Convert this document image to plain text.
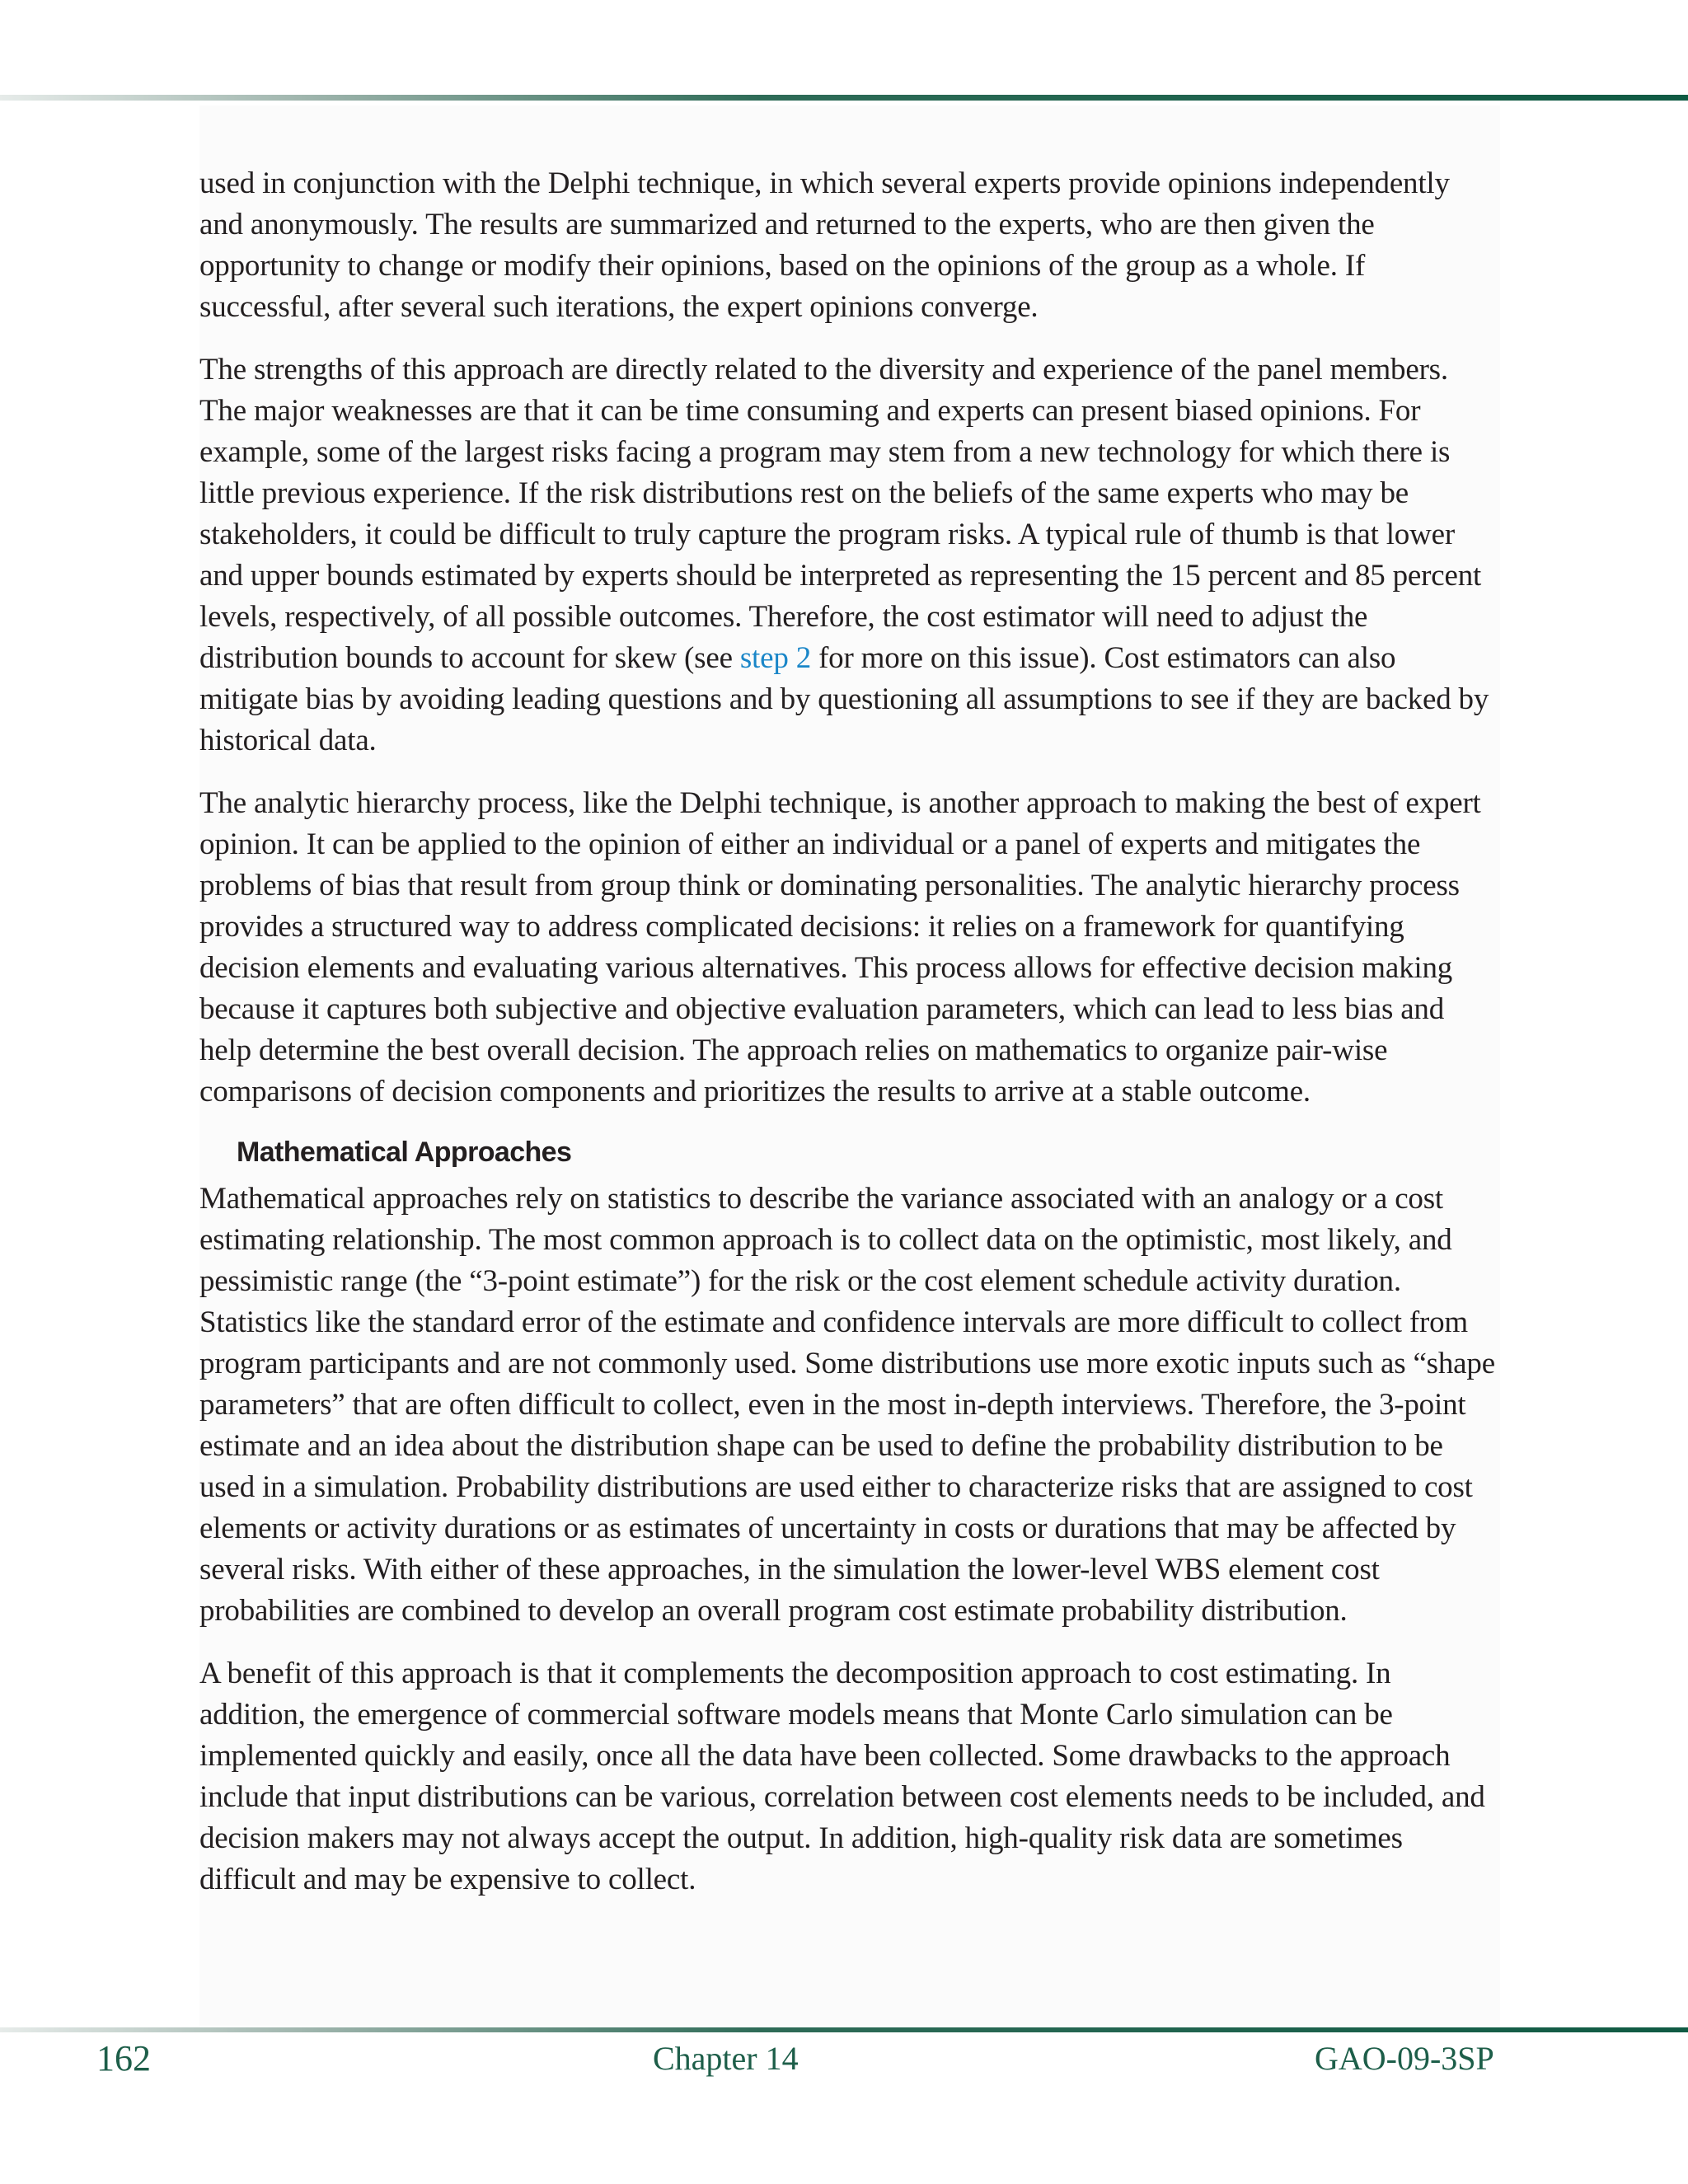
used in conjunction with the Delphi technique, in which several experts provide opinions independently and anonymously. The results are summarized and returned to the experts, who are then given the opportunity to change or modify their opinions, based on the opinions of the group as a whole. If successful, after several such iterations, the expert opinions converge.

The strengths of this approach are directly related to the diversity and experience of the panel members. The major weaknesses are that it can be time consuming and experts can present biased opinions. For example, some of the largest risks facing a program may stem from a new technology for which there is little previous experience. If the risk distributions rest on the beliefs of the same experts who may be stakeholders, it could be difficult to truly capture the program risks. A typical rule of thumb is that lower and upper bounds estimated by experts should be interpreted as representing the 15 percent and 85 percent levels, respectively, of all possible outcomes. Therefore, the cost estimator will need to adjust the distribution bounds to account for skew (see step 2 for more on this issue). Cost estimators can also mitigate bias by avoiding leading questions and by questioning all assumptions to see if they are backed by historical data.

The analytic hierarchy process, like the Delphi technique, is another approach to making the best of expert opinion. It can be applied to the opinion of either an individual or a panel of experts and mitigates the problems of bias that result from group think or dominating personalities. The analytic hierarchy process provides a structured way to address complicated decisions: it relies on a framework for quantifying decision elements and evaluating various alternatives. This process allows for effective decision making because it captures both subjective and objective evaluation parameters, which can lead to less bias and help determine the best overall decision. The approach relies on mathematics to organize pair-wise comparisons of decision components and prioritizes the results to arrive at a stable outcome.

Mathematical Approaches

Mathematical approaches rely on statistics to describe the variance associated with an analogy or a cost estimating relationship. The most common approach is to collect data on the optimistic, most likely, and pessimistic range (the “3-point estimate”) for the risk or the cost element schedule activity duration. Statistics like the standard error of the estimate and confidence intervals are more difficult to collect from program participants and are not commonly used. Some distributions use more exotic inputs such as “shape parameters” that are often difficult to collect, even in the most in-depth interviews. Therefore, the 3-point estimate and an idea about the distribution shape can be used to define the probability distribution to be used in a simulation. Probability distributions are used either to characterize risks that are assigned to cost elements or activity durations or as estimates of uncertainty in costs or durations that may be affected by several risks. With either of these approaches, in the simulation the lower-level WBS element cost probabilities are combined to develop an overall program cost estimate probability distribution.

A benefit of this approach is that it complements the decomposition approach to cost estimating. In addition, the emergence of commercial software models means that Monte Carlo simulation can be implemented quickly and easily, once all the data have been collected. Some drawbacks to the approach include that input distributions can be various, correlation between cost elements needs to be included, and decision makers may not always accept the output. In addition, high-quality risk data are sometimes difficult and may be expensive to collect.

162	Chapter 14	GAO-09-3SP
